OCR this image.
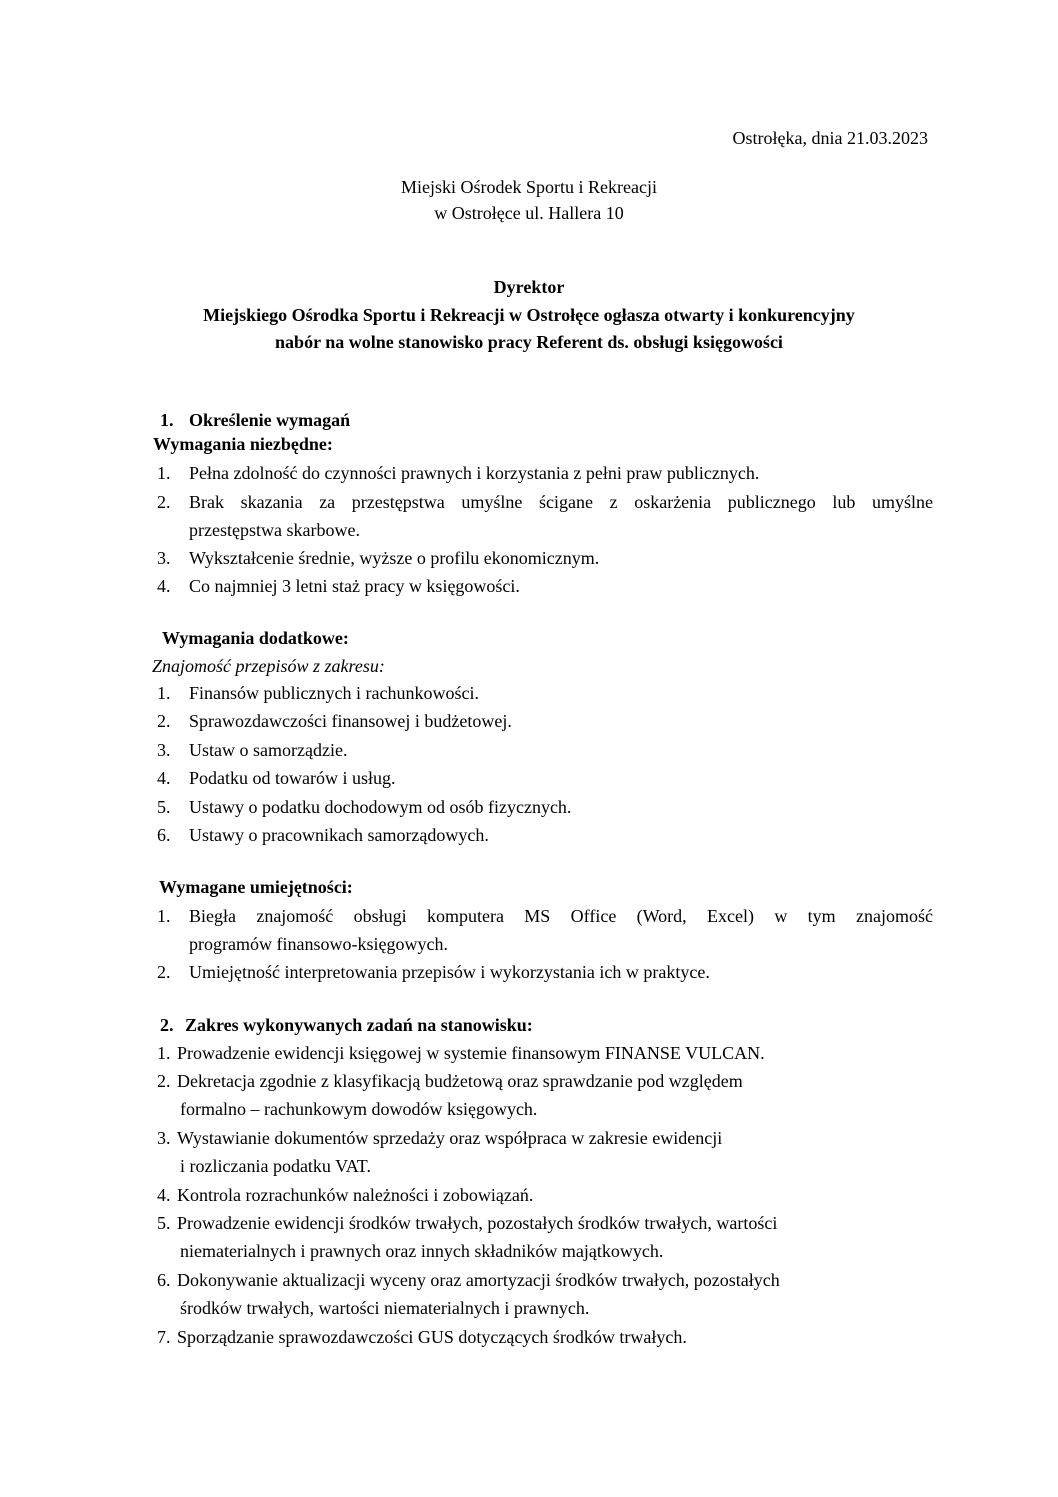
Ostrołęka, dnia 21.03.2023
Miejski Ośrodek Sportu i Rekreacji
w Ostrołęce ul. Hallera 10
Dyrektor
Miejskiego Ośrodka Sportu i Rekreacji w Ostrołęce ogłasza otwarty i konkurencyjny
nabór na wolne stanowisko pracy Referent ds. obsługi księgowości
1. Określenie wymagań
Wymagania niezbędne:
1. Pełna zdolność do czynności prawnych i korzystania z pełni praw publicznych.
2. Brak skazania za przestępstwa umyślne ścigane z oskarżenia publicznego lub umyślne
przestępstwa skarbowe.
3. Wykształcenie średnie, wyższe o profilu ekonomicznym.
4. Co najmniej 3 letni staż pracy w księgowości.
Wymagania dodatkowe:
Znajomość przepisów z zakresu:
1. Finansów publicznych i rachunkowości.
2. Sprawozdawczości finansowej i budżetowej.
3. Ustaw o samorządzie.
4. Podatku od towarów i usług.
5. Ustawy o podatku dochodowym od osób fizycznych.
6. Ustawy o pracownikach samorządowych.
Wymagane umiejętności:
1. Biegła znajomość obsługi komputera MS Office (Word, Excel) w tym znajomość
programów finansowo-księgowych.
2. Umiejętność interpretowania przepisów i wykorzystania ich w praktyce.
2. Zakres wykonywanych zadań na stanowisku:
1. Prowadzenie ewidencji księgowej w systemie finansowym FINANSE VULCAN.
2. Dekretacja zgodnie z klasyfikacją budżetową oraz sprawdzanie pod względem
formalno – rachunkowym dowodów księgowych.
3. Wystawianie dokumentów sprzedaży oraz współpraca w zakresie ewidencji
i rozliczania podatku VAT.
4. Kontrola rozrachunków należności i zobowiązań.
5. Prowadzenie ewidencji środków trwałych, pozostałych środków trwałych, wartości
niematerialnych i prawnych oraz innych składników majątkowych.
6. Dokonywanie aktualizacji wyceny oraz amortyzacji środków trwałych, pozostałych
środków trwałych, wartości niematerialnych i prawnych.
7. Sporządzanie sprawozdawczości GUS dotyczących środków trwałych.
